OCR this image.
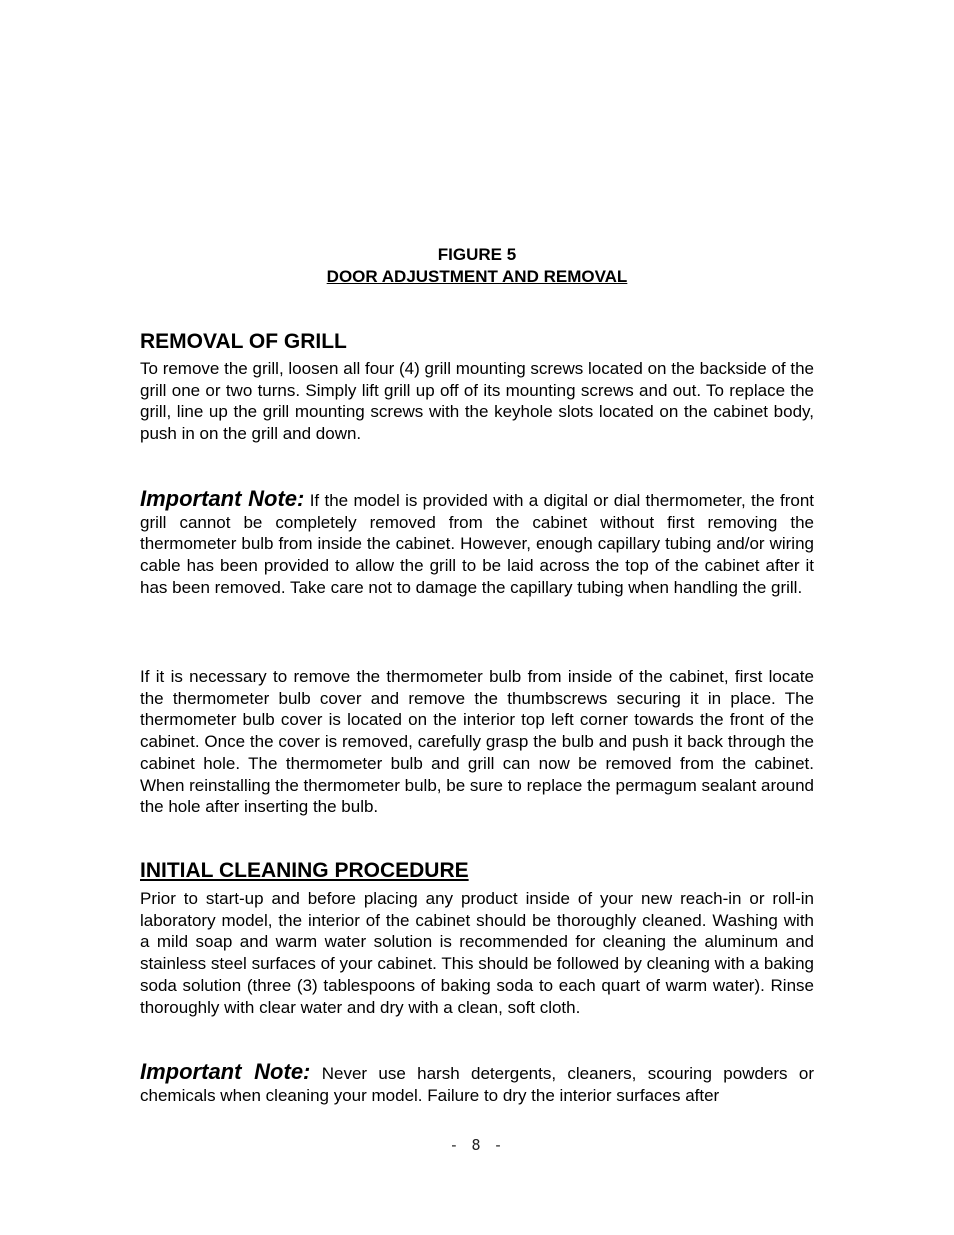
FIGURE 5
DOOR ADJUSTMENT AND REMOVAL
REMOVAL OF GRILL

To remove the grill, loosen all four (4) grill mounting screws located on the backside of the grill one or two turns. Simply lift grill up off of its mounting screws and out. To replace the grill, line up the grill mounting screws with the keyhole slots located on the cabinet body, push in on the grill and down.

Important Note: If the model is provided with a digital or dial thermometer, the front grill cannot be completely removed from the cabinet without first removing the thermometer bulb from inside the cabinet. However, enough capillary tubing and/or wiring cable has been provided to allow the grill to be laid across the top of the cabinet after it has been removed. Take care not to damage the capillary tubing when handling the grill.

If it is necessary to remove the thermometer bulb from inside of the cabinet, first locate the thermometer bulb cover and remove the thumbscrews securing it in place. The thermometer bulb cover is located on the interior top left corner towards the front of the cabinet. Once the cover is removed, carefully grasp the bulb and push it back through the cabinet hole. The thermometer bulb and grill can now be removed from the cabinet. When reinstalling the thermometer bulb, be sure to replace the permagum sealant around the hole after inserting the bulb.

INITIAL CLEANING PROCEDURE

Prior to start-up and before placing any product inside of your new reach-in or roll-in laboratory model, the interior of the cabinet should be thoroughly cleaned. Washing with a mild soap and warm water solution is recommended for cleaning the aluminum and stainless steel surfaces of your cabinet. This should be followed by cleaning with a baking soda solution (three (3) tablespoons of baking soda to each quart of warm water). Rinse thoroughly with clear water and dry with a clean, soft cloth.

Important Note: Never use harsh detergents, cleaners, scouring powders or chemicals when cleaning your model. Failure to dry the interior surfaces after

- 8 -
